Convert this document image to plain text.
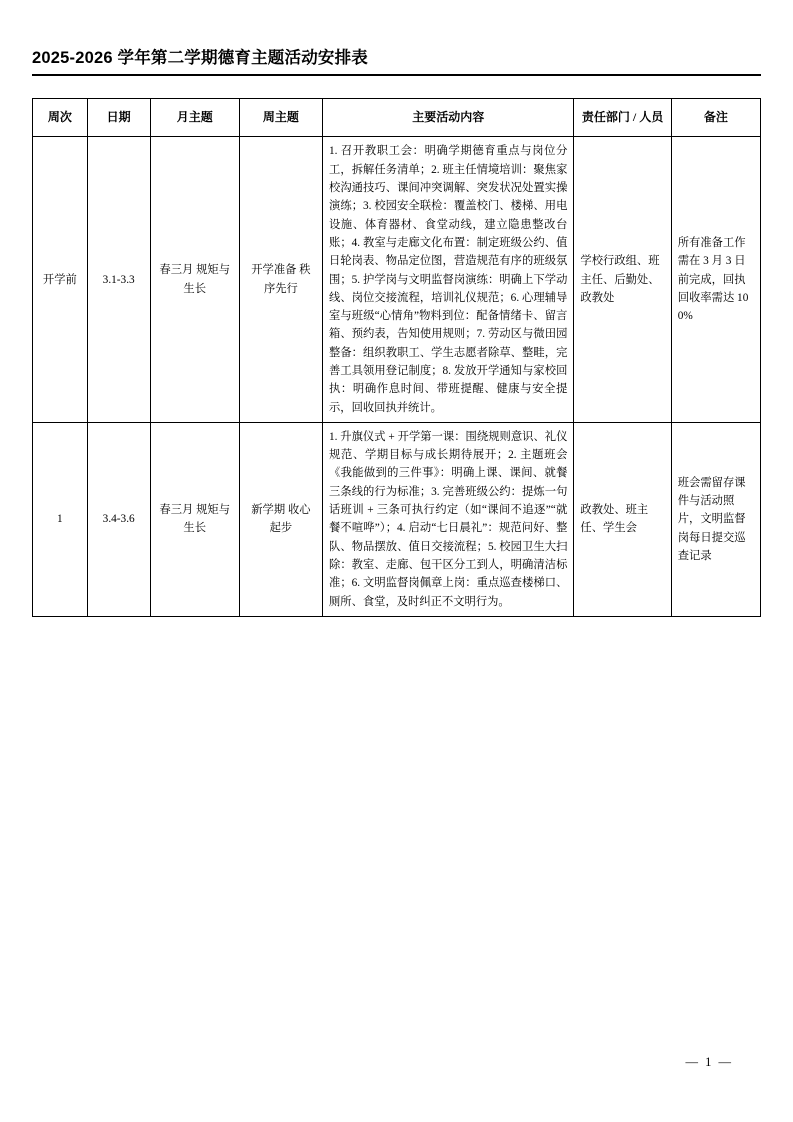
2025-2026 学年第二学期德育主题活动安排表
周次	日期	月主题	周主题	主要活动内容	责任部门 / 人员	备注
开学前	3.1-3.3	春三月 规矩与生长	开学准备 秩序先行	1. 召开教职工会：明确学期德育重点与岗位分工，拆解任务清单；2. 班主任情境培训：聚焦家校沟通技巧、课间冲突调解、突发状况处置实操演练；3. 校园安全联检：覆盖校门、楼梯、用电设施、体育器材、食堂动线，建立隐患整改台账；4. 教室与走廊文化布置：制定班级公约、值日轮岗表、物品定位图，营造规范有序的班级氛围；5. 护学岗与文明监督岗演练：明确上下学动线、岗位交接流程，培训礼仪规范；6. 心理辅导室与班级“心情角”物料到位：配备情绪卡、留言箱、预约表，告知使用规则；7. 劳动区与微田园整备：组织教职工、学生志愿者除草、整畦，完善工具领用登记制度；8. 发放开学通知与家校回执：明确作息时间、带班提醒、健康与安全提示，回收回执并统计。	学校行政组、班主任、后勤处、政教处	所有准备工作需在 3 月 3 日前完成，回执回收率需达 100%
1	3.4-3.6	春三月 规矩与生长	新学期 收心起步	1. 升旗仪式 + 开学第一课：围绕规则意识、礼仪规范、学期目标与成长期待展开；2. 主题班会《我能做到的三件事》：明确上课、课间、就餐三条线的行为标准；3. 完善班级公约：提炼一句话班训 + 三条可执行约定（如“课间不追逐”“就餐不喧哗”）；4. 启动“七日晨礼”：规范问好、整队、物品摆放、值日交接流程；5. 校园卫生大扫除：教室、走廊、包干区分工到人，明确清洁标准；6. 文明监督岗佩章上岗：重点巡查楼梯口、厕所、食堂，及时纠正不文明行为。	政教处、班主任、学生会	班会需留存课件与活动照片，文明监督岗每日提交巡查记录
— 1 —
